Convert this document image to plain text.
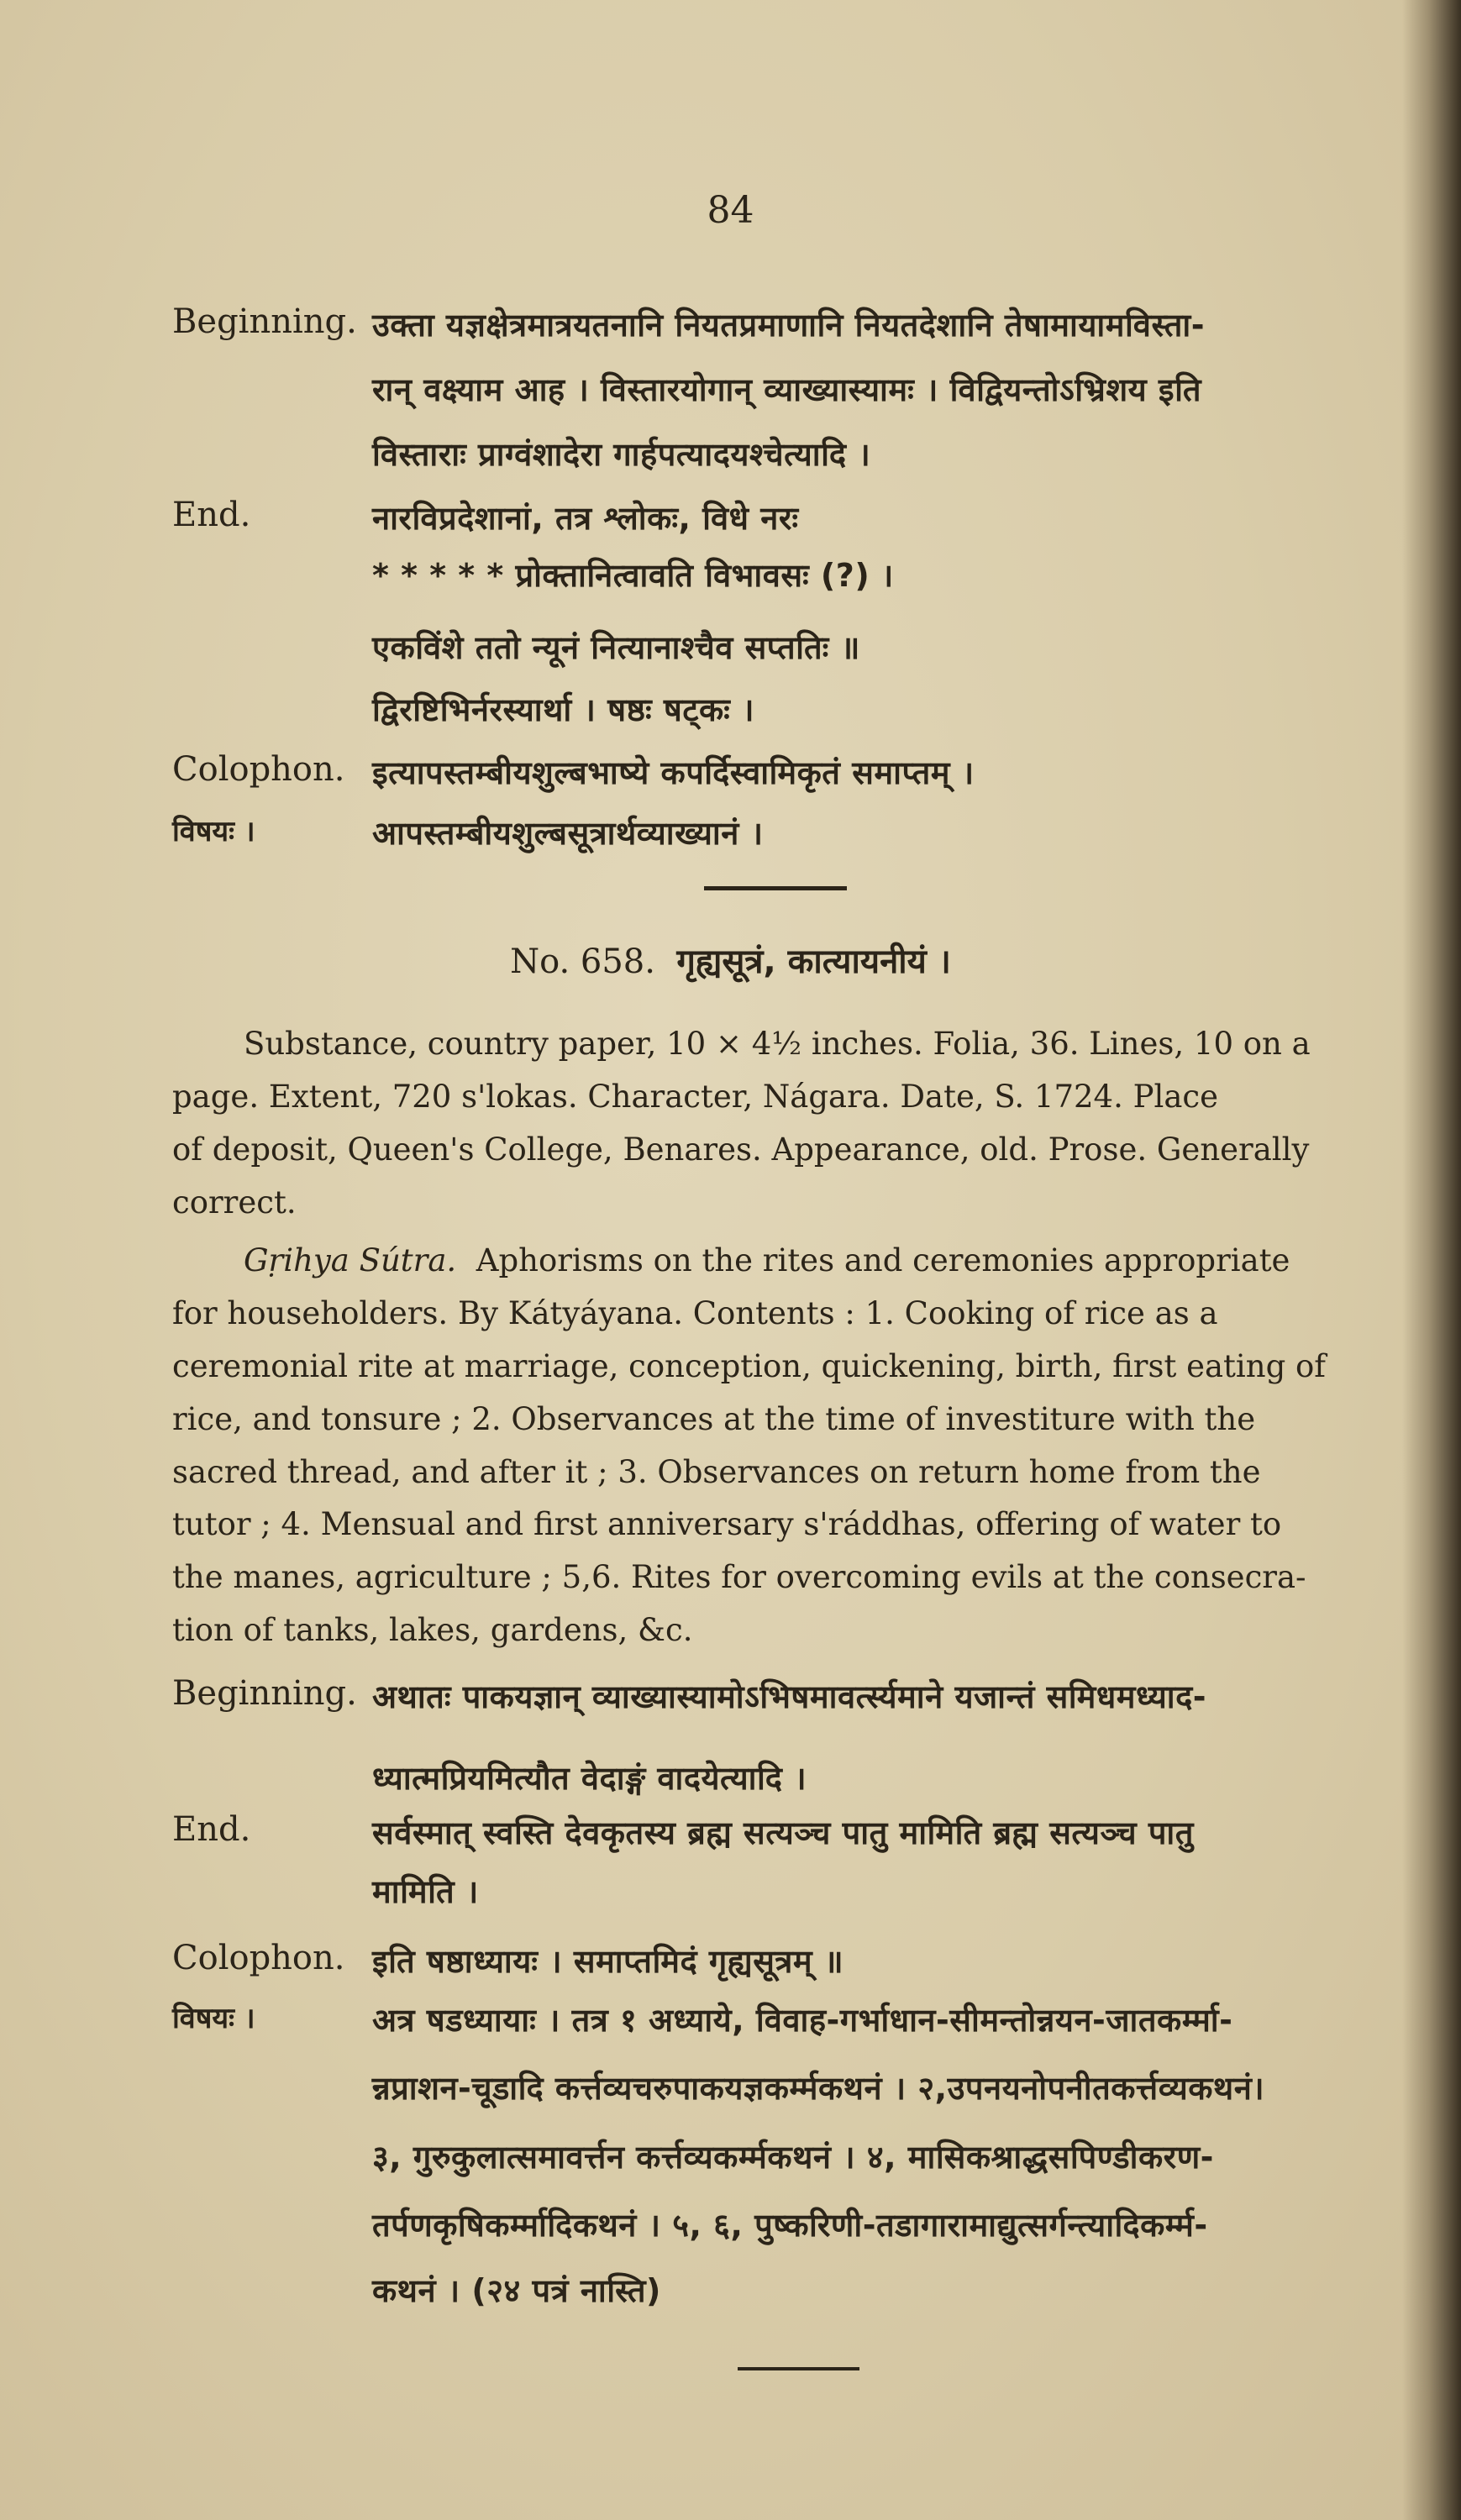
84
Beginning. उक्ता यज्ञक्षेत्रमात्रयतनानि नियतप्रमाणानि नियतदेशानि तेषामायामविस्ता-
रान् वक्ष्याम आह । विस्तारयोगान् व्याख्यास्यामः । विद्वियन्तोऽभ्रिशय इति
विस्ताराः प्राग्वंशादेरा गार्हपत्यादयश्चेत्यादि ।
End.	नारविप्रदेशानां, तत्र श्लोकः, विधे नरः
* * * * * प्रोक्तानित्वावति विभावसः (?) ।
एकविंशे ततो न्यूनं नित्यानाश्चैव सप्ततिः ॥
द्विरष्टिभिर्नरस्यार्था । षष्ठः षट्कः ।
Colophon. इत्यापस्तम्बीयशुल्बभाष्ये कपर्दिस्वामिकृतं समाप्तम् ।
विषयः ।	आपस्तम्बीयशुल्बसूत्रार्थव्याख्यानं ।
No. 658. गृह्यसूत्रं, कात्यायनीयं ।
Substance, country paper, 10 × 4½ inches. Folia, 36. Lines, 10 on a
page. Extent, 720 s'lokas. Character, Nágara. Date, S. 1724. Place
of deposit, Queen's College, Benares. Appearance, old. Prose. Generally
correct.
Gṛihya Sútra. Aphorisms on the rites and ceremonies appropriate
for householders. By Kátyáyana. Contents : 1. Cooking of rice as a
ceremonial rite at marriage, conception, quickening, birth, first eating of
rice, and tonsure ; 2. Observances at the time of investiture with the
sacred thread, and after it ; 3. Observances on return home from the
tutor ; 4. Mensual and first anniversary s'ráddhas, offering of water to
the manes, agriculture ; 5,6. Rites for overcoming evils at the consecra-
tion of tanks, lakes, gardens, &c.
Beginning. अथातः पाकयज्ञान् व्याख्यास्यामोऽभिषमावर्त्स्यमाने यजान्तं समिधमध्याद-
ध्यात्मप्रियमित्यौत वेदाङ्गं वादयेत्यादि ।
End.	सर्वस्मात् स्वस्ति देवकृतस्य ब्रह्म सत्यञ्च पातु मामिति ब्रह्म सत्यञ्च पातु
मामिति ।
Colophon. इति षष्ठाध्यायः । समाप्तमिदं गृह्यसूत्रम् ॥
विषयः ।	अत्र षडध्यायाः । तत्र १ अध्याये, विवाह-गर्भाधान-सीमन्तोन्नयन-जातकर्म्मा-
न्नप्राशन-चूडादि कर्त्तव्यचरुपाकयज्ञकर्म्मकथनं । २,उपनयनोपनीतकर्त्तव्यकथनं।
३, गुरुकुलात्समावर्त्तन कर्त्तव्यकर्म्मकथनं । ४, मासिकश्राद्धसपिण्डीकरण-
तर्पणकृषिकर्म्मादिकथनं । ५, ६, पुष्करिणी-तडागारामाद्युत्सर्गन्त्यादिकर्म्म-
कथनं । (२४ पत्रं नास्ति)
